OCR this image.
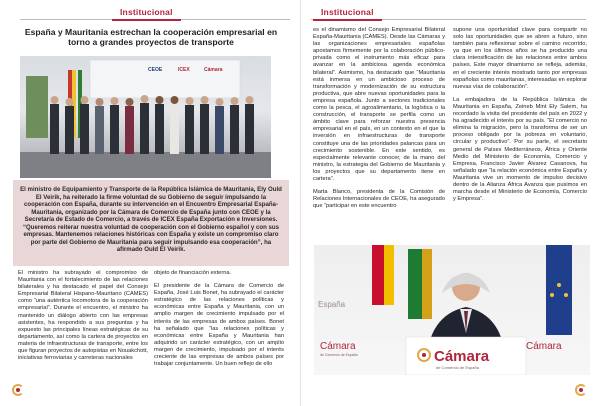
Institucional
España y Mauritania estrechan la cooperación empresarial en torno a grandes proyectos de transporte
CEOE	ICEX	Cámara

El ministro de Equipamiento y Transporte de la República Islámica de Mauritania, Ely Ould El Veirik, ha reiterado la firme voluntad de su Gobierno de seguir impulsando la cooperación con España, durante su intervención en el Encuentro Empresarial España-Mauritania, organizado por la Cámara de Comercio de España junto con CEOE y la Secretaría de Estado de Comercio, a través de ICEX España Exportación e Inversiones.

“Queremos reiterar nuestra voluntad de cooperación con el Gobierno español y con sus empresas. Mantenemos relaciones históricas con España y existe un compromiso claro por parte del Gobierno de Mauritania para seguir impulsando esa cooperación”, ha afirmado Ould El Veirik.

El ministro ha subrayado el compromiso de Mauritania con el fortalecimiento de las relaciones bilaterales y ha destacado el papel del Consejo Empresarial Bilateral Hispano-Mauritano (CAMES) como “una auténtica locomotora de la cooperación empresarial”. Durante el encuentro, el ministro ha mantenido un diálogo abierto con las empresas asistentes, ha respondido a sus preguntas y ha expuesto las principales líneas estratégicas de su departamento, así como la cartera de proyectos en materia de infraestructuras de transporte, entre los que figuran proyectos de autopistas en Nouakchott, iniciativas ferroviarias y carreteras nacionales

objeto de financiación externa.

El presidente de la Cámara de Comercio de España, José Luis Bonet, ha subrayado el carácter estratégico de las relaciones políticas y económicas entre España y Mauritania, con un amplio margen de crecimiento impulsado por el interés de las empresas de ambos países. Bonet ha señalado que “las relaciones políticas y económicas entre España y Mauritania han adquirido un carácter estratégico, con un amplio margen de crecimiento, impulsado por el interés creciente de las empresas de ambos países por trabajar conjuntamente. Un buen reflejo de ello

Institucional

es el dinamismo del Consejo Empresarial Bilateral España-Mauritania (CAMES). Desde las Cámaras y las organizaciones empresariales españolas apostamos firmemente por la colaboración público-privada como el instrumento más eficaz para avanzar en la ambiciosa agenda económica bilateral”. Asimismo, ha destacado que “Mauritania está inmersa en un ambicioso proceso de transformación y modernización de su estructura productiva, que abre nuevas oportunidades para la empresa española. Junto a sectores tradicionales como la pesca, el agroalimentario, la logística o la construcción, el transporte se perfila como un ámbito clave para reforzar nuestra presencia empresarial en el país, en un contexto en el que la inversión en infraestructuras de transporte constituye una de las prioridades palancas para un crecimiento sostenible. En este sentido, es especialmente relevante conocer, de la mano del ministro, la estrategia del Gobierno de Mauritania y los proyectos que su departamento tiene en cartera”.

Marta Blanco, presidenta de la Comisión de Relaciones Internacionales de CEOE, ha asegurado que “participar en este encuentro

supone una oportunidad clave para compartir no solo las oportunidades que se abren a futuro, sino también para reflexionar sobre el camino recorrido, ya que en los últimos años se ha producido una clara intensificación de las relaciones entre ambos países. Este mayor dinamismo se refleja, además, en el creciente interés mostrado tanto por empresas españolas como mauritanas, interesadas en explorar nuevas vías de colaboración”.

La embajadora de la República Islámica de Mauritania en España, Zeineb Mint Ely Salem, ha recordado la visita del presidente del país en 2022 y ha agradecido el interés por su país. “El comercio no elimina la migración, pero la transforma de ser un proceso obligado por la pobreza en voluntario, circular y productivo”. Por su parte, el secretario general de Países Mediterráneos, África y Oriente Medio del Ministerio de Economía, Comercio y Empresa, Francisco Javier Álvarez Casanova, ha señalado que “la relación económica entre España y Mauritania vive un momento de impulso decisivo dentro de la Alianza África Avanza que pusimos en marcha desde el Ministerio de Economía, Comercio y Empresa”.

España
Cámara
de Comercio de España
Cámara
Cámara
de Comercio de España
